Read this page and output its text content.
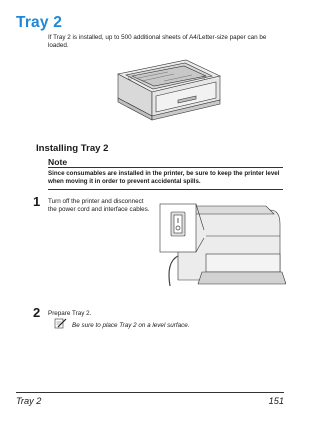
Tray 2
If Tray 2 is installed, up to 500 additional sheets of A4/Letter-size paper can be loaded.
Installing Tray 2
Note
Since consumables are installed in the printer, be sure to keep the printer level when moving it in order to prevent accidental spills.
1 Turn off the printer and disconnect the power cord and interface cables.
2 Prepare Tray 2.
Be sure to place Tray 2 on a level surface.
Tray 2	151
